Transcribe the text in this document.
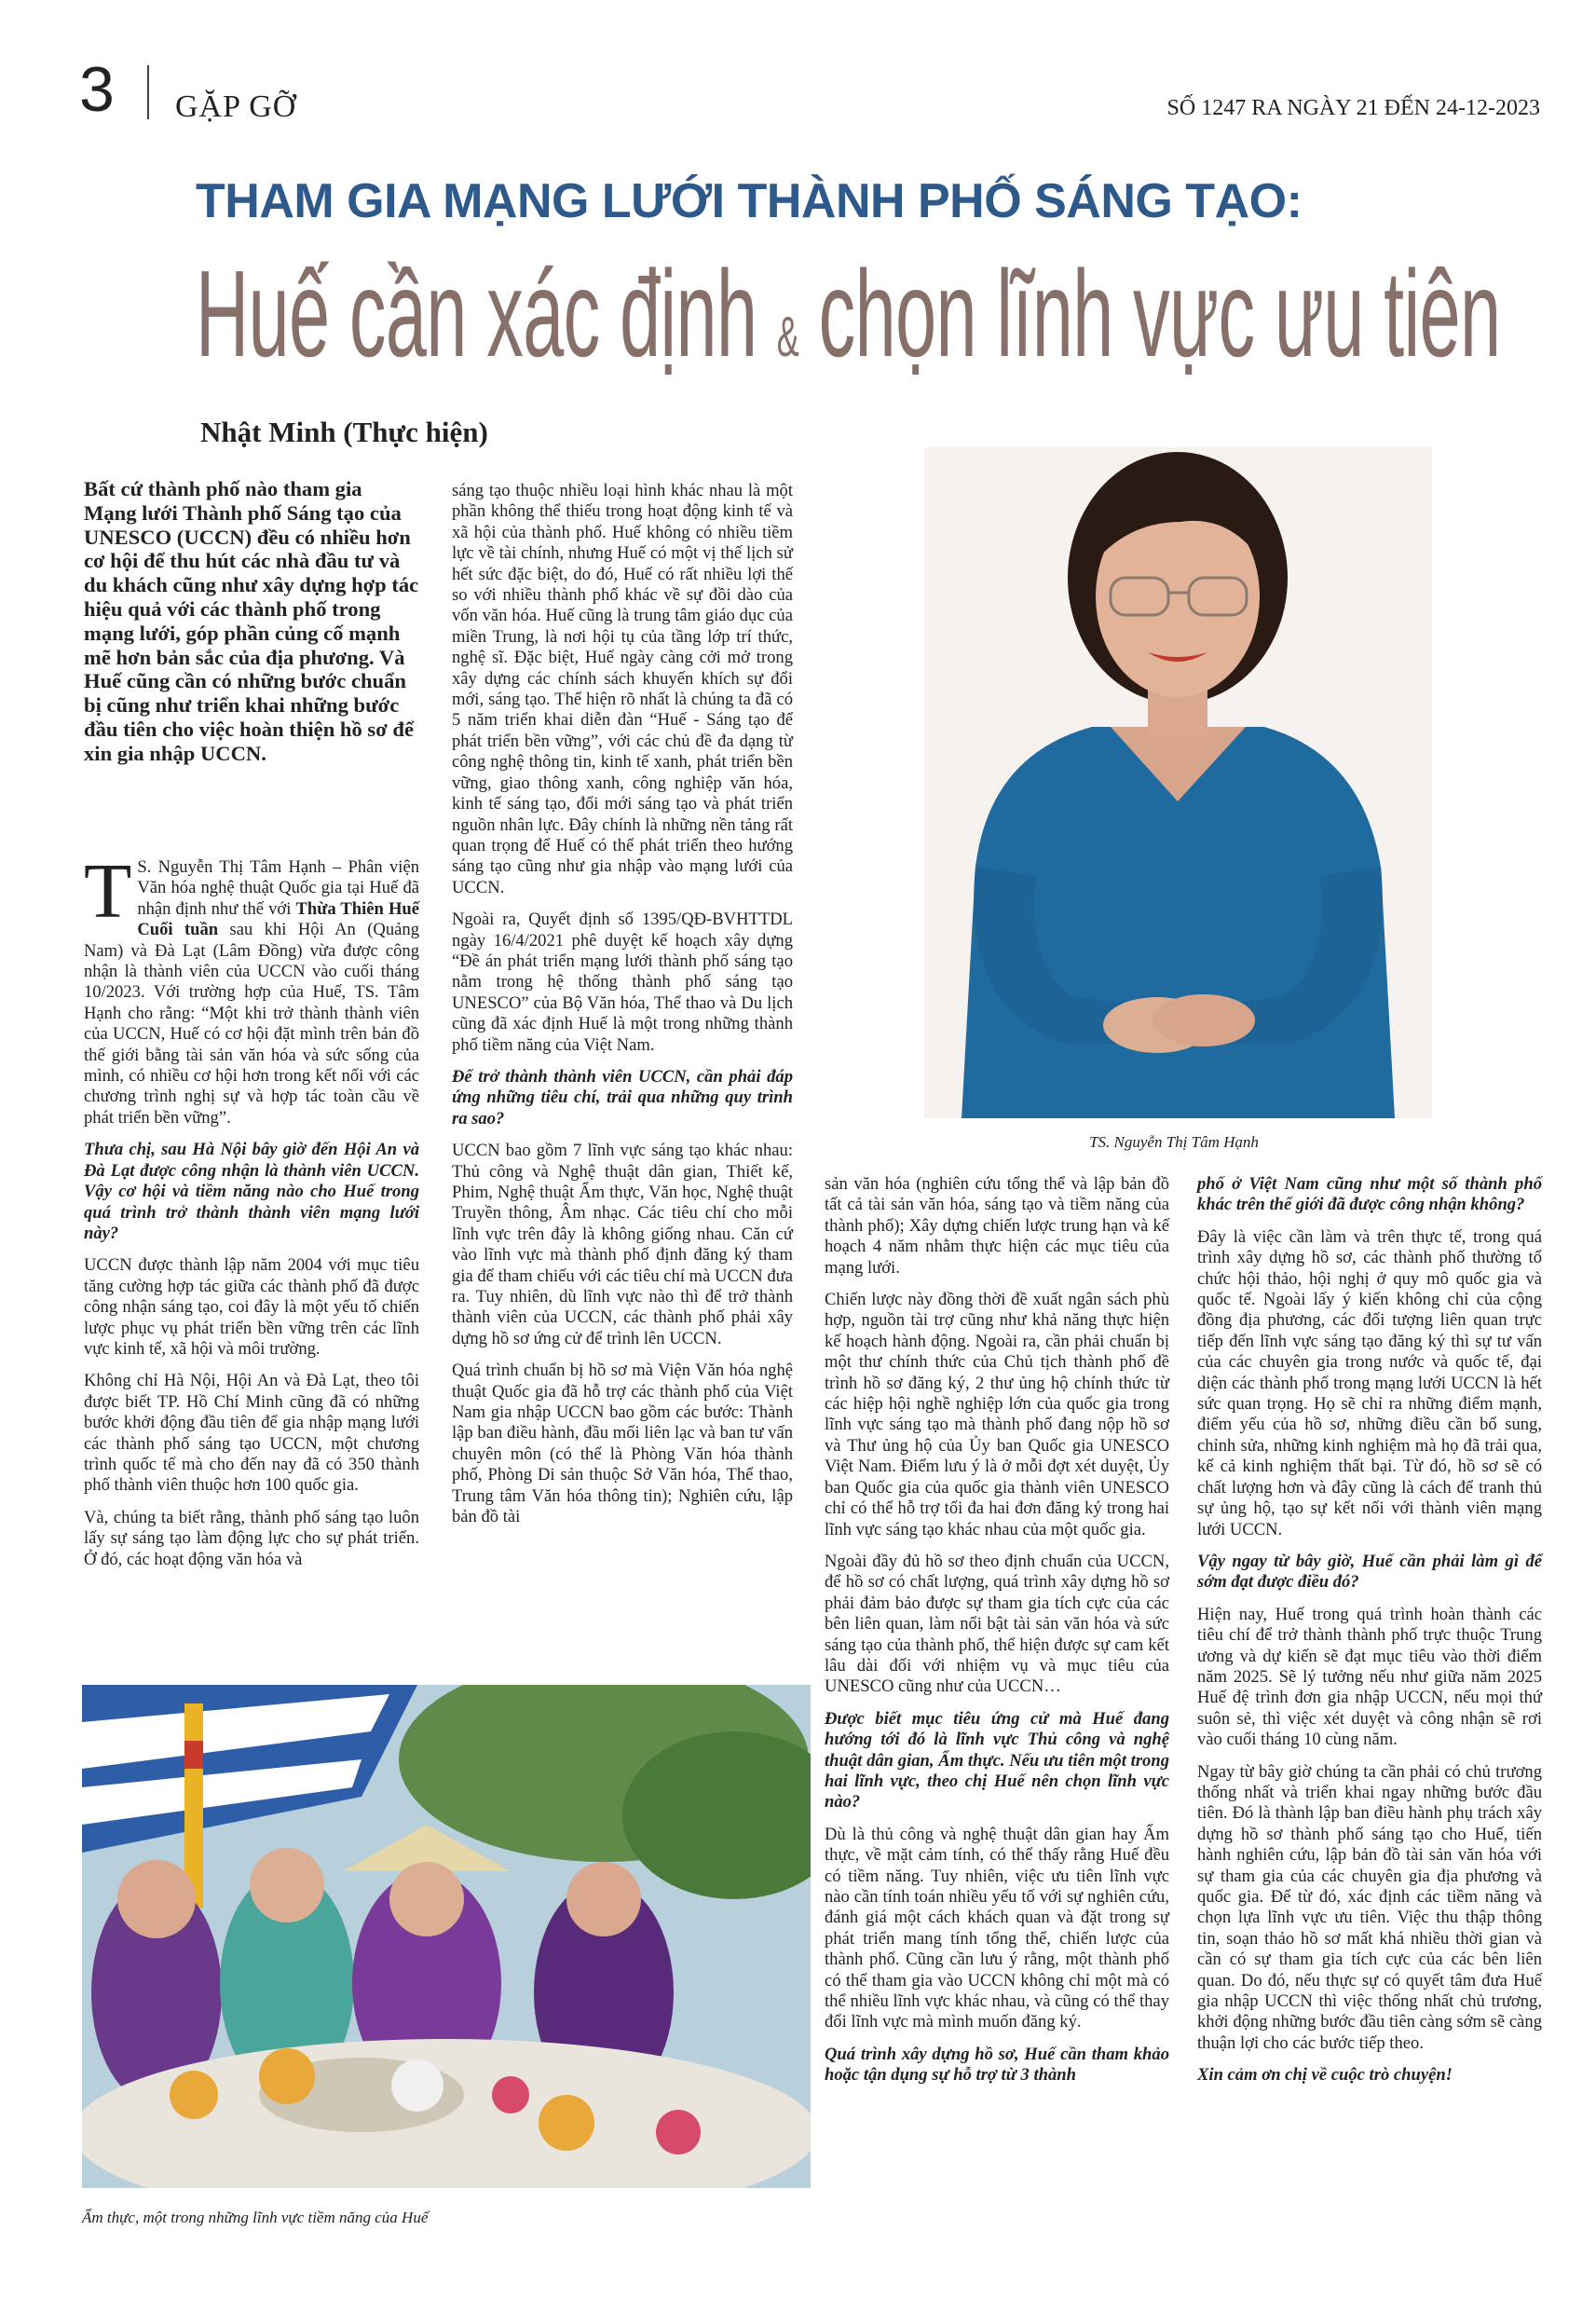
3 GẶP GỠ	SỐ 1247 RA NGÀY 21 ĐẾN 24-12-2023
THAM GIA MẠNG LƯỚI THÀNH PHỐ SÁNG TẠO:
Huế cần xác định & chọn lĩnh vực ưu tiên
Nhật Minh (Thực hiện)
Bất cứ thành phố nào tham gia Mạng lưới Thành phố Sáng tạo của UNESCO (UCCN) đều có nhiều hơn cơ hội để thu hút các nhà đầu tư và du khách cũng như xây dựng hợp tác hiệu quả với các thành phố trong mạng lưới, góp phần củng cố mạnh mẽ hơn bản sắc của địa phương. Và Huế cũng cần có những bước chuẩn bị cũng như triển khai những bước đầu tiên cho việc hoàn thiện hồ sơ để xin gia nhập UCCN.

T S. Nguyễn Thị Tâm Hạnh – Phân viện Văn hóa nghệ thuật Quốc gia tại Huế đã nhận định như thế với Thừa Thiên Huế Cuối tuần sau khi Hội An (Quảng Nam) và Đà Lạt (Lâm Đồng) vừa được công nhận là thành viên của UCCN vào cuối tháng 10/2023. Với trường hợp của Huế, TS. Tâm Hạnh cho rằng: “Một khi trở thành thành viên của UCCN, Huế có cơ hội đặt mình trên bản đồ thế giới bằng tài sản văn hóa và sức sống của mình, có nhiều cơ hội hơn trong kết nối với các chương trình nghị sự và hợp tác toàn cầu về phát triển bền vững”.

Thưa chị, sau Hà Nội bây giờ đến Hội An và Đà Lạt được công nhận là thành viên UCCN. Vậy cơ hội và tiềm năng nào cho Huế trong quá trình trở thành thành viên mạng lưới này?

UCCN được thành lập năm 2004 với mục tiêu tăng cường hợp tác giữa các thành phố đã được công nhận sáng tạo, coi đây là một yếu tố chiến lược phục vụ phát triển bền vững trên các lĩnh vực kinh tế, xã hội và môi trường.

Không chỉ Hà Nội, Hội An và Đà Lạt, theo tôi được biết TP. Hồ Chí Minh cũng đã có những bước khởi động đầu tiên để gia nhập mạng lưới các thành phố sáng tạo UCCN, một chương trình quốc tế mà cho đến nay đã có 350 thành phố thành viên thuộc hơn 100 quốc gia.

Và, chúng ta biết rằng, thành phố sáng tạo luôn lấy sự sáng tạo làm động lực cho sự phát triển. Ở đó, các hoạt động văn hóa và

sáng tạo thuộc nhiều loại hình khác nhau là một phần không thể thiếu trong hoạt động kinh tế và xã hội của thành phố. Huế không có nhiều tiềm lực về tài chính, nhưng Huế có một vị thế lịch sử hết sức đặc biệt, do đó, Huế có rất nhiều lợi thế so với nhiều thành phố khác về sự đồi dào của vốn văn hóa. Huế cũng là trung tâm giáo dục của miền Trung, là nơi hội tụ của tầng lớp trí thức, nghệ sĩ. Đặc biệt, Huế ngày càng cởi mở trong xây dựng các chính sách khuyến khích sự đổi mới, sáng tạo. Thể hiện rõ nhất là chúng ta đã có 5 năm triển khai diễn đàn “Huế - Sáng tạo để phát triển bền vững”, với các chủ đề đa dạng từ công nghệ thông tin, kinh tế xanh, phát triển bền vững, giao thông xanh, công nghiệp văn hóa, kinh tế sáng tạo, đổi mới sáng tạo và phát triển nguồn nhân lực. Đây chính là những nền tảng rất quan trọng để Huế có thể phát triển theo hướng sáng tạo cũng như gia nhập vào mạng lưới của UCCN.

Ngoài ra, Quyết định số 1395/QĐ-BVHTTDL ngày 16/4/2021 phê duyệt kế hoạch xây dựng “Đề án phát triển mạng lưới thành phố sáng tạo nằm trong hệ thống thành phố sáng tạo UNESCO” của Bộ Văn hóa, Thể thao và Du lịch cũng đã xác định Huế là một trong những thành phố tiềm năng của Việt Nam.

Để trở thành thành viên UCCN, cần phải đáp ứng những tiêu chí, trải qua những quy trình ra sao?

UCCN bao gồm 7 lĩnh vực sáng tạo khác nhau: Thủ công và Nghệ thuật dân gian, Thiết kế, Phim, Nghệ thuật Ẩm thực, Văn học, Nghệ thuật Truyền thông, Âm nhạc. Các tiêu chí cho mỗi lĩnh vực trên đây là không giống nhau. Căn cứ vào lĩnh vực mà thành phố định đăng ký tham gia để tham chiếu với các tiêu chí mà UCCN đưa ra. Tuy nhiên, dù lĩnh vực nào thì để trở thành thành viên của UCCN, các thành phố phải xây dựng hồ sơ ứng cử để trình lên UCCN.

Quá trình chuẩn bị hồ sơ mà Viện Văn hóa nghệ thuật Quốc gia đã hỗ trợ các thành phố của Việt Nam gia nhập UCCN bao gồm các bước: Thành lập ban điều hành, đầu mối liên lạc và ban tư vấn chuyên môn (có thể là Phòng Văn hóa thành phố, Phòng Di sản thuộc Sở Văn hóa, Thể thao, Trung tâm Văn hóa thông tin); Nghiên cứu, lập bản đồ tài

TS. Nguyễn Thị Tâm Hạnh

sản văn hóa (nghiên cứu tổng thể và lập bản đồ tất cả tài sản văn hóa, sáng tạo và tiềm năng của thành phố); Xây dựng chiến lược trung hạn và kế hoạch 4 năm nhằm thực hiện các mục tiêu của mạng lưới.

Chiến lược này đồng thời đề xuất ngân sách phù hợp, nguồn tài trợ cũng như khả năng thực hiện kế hoạch hành động. Ngoài ra, cần phải chuẩn bị một thư chính thức của Chủ tịch thành phố đề trình hồ sơ đăng ký, 2 thư ủng hộ chính thức từ các hiệp hội nghề nghiệp lớn của quốc gia trong lĩnh vực sáng tạo mà thành phố đang nộp hồ sơ và Thư ủng hộ của Ủy ban Quốc gia UNESCO Việt Nam. Điểm lưu ý là ở mỗi đợt xét duyệt, Ủy ban Quốc gia của quốc gia thành viên UNESCO chỉ có thể hỗ trợ tối đa hai đơn đăng ký trong hai lĩnh vực sáng tạo khác nhau của một quốc gia.

Ngoài đầy đủ hồ sơ theo định chuẩn của UCCN, để hồ sơ có chất lượng, quá trình xây dựng hồ sơ phải đảm bảo được sự tham gia tích cực của các bên liên quan, làm nổi bật tài sản văn hóa và sức sáng tạo của thành phố, thể hiện được sự cam kết lâu dài đối với nhiệm vụ và mục tiêu của UNESCO cũng như của UCCN…

Được biết mục tiêu ứng cử mà Huế đang hướng tới đó là lĩnh vực Thủ công và nghệ thuật dân gian, Ẩm thực. Nếu ưu tiên một trong hai lĩnh vực, theo chị Huế nên chọn lĩnh vực nào?

Dù là thủ công và nghệ thuật dân gian hay Ẩm thực, về mặt cảm tính, có thể thấy rằng Huế đều có tiềm năng. Tuy nhiên, việc ưu tiên lĩnh vực nào cần tính toán nhiều yếu tố với sự nghiên cứu, đánh giá một cách khách quan và đặt trong sự phát triển mang tính tổng thể, chiến lược của thành phố. Cũng cần lưu ý rằng, một thành phố có thể tham gia vào UCCN không chỉ một mà có thể nhiều lĩnh vực khác nhau, và cũng có thể thay đổi lĩnh vực mà mình muốn đăng ký.

Quá trình xây dựng hồ sơ, Huế cần tham khảo hoặc tận dụng sự hỗ trợ từ 3 thành

phố ở Việt Nam cũng như một số thành phố khác trên thế giới đã được công nhận không?

Đây là việc cần làm và trên thực tế, trong quá trình xây dựng hồ sơ, các thành phố thường tổ chức hội thảo, hội nghị ở quy mô quốc gia và quốc tế. Ngoài lấy ý kiến không chỉ của cộng đồng địa phương, các đối tượng liên quan trực tiếp đến lĩnh vực sáng tạo đăng ký thì sự tư vấn của các chuyên gia trong nước và quốc tế, đại diện các thành phố trong mạng lưới UCCN là hết sức quan trọng. Họ sẽ chỉ ra những điểm mạnh, điểm yếu của hồ sơ, những điều cần bổ sung, chỉnh sửa, những kinh nghiệm mà họ đã trải qua, kể cả kinh nghiệm thất bại. Từ đó, hồ sơ sẽ có chất lượng hơn và đây cũng là cách để tranh thủ sự ủng hộ, tạo sự kết nối với thành viên mạng lưới UCCN.

Vậy ngay từ bây giờ, Huế cần phải làm gì để sớm đạt được điều đó?

Hiện nay, Huế trong quá trình hoàn thành các tiêu chí để trở thành thành phố trực thuộc Trung ương và dự kiến sẽ đạt mục tiêu vào thời điểm năm 2025. Sẽ lý tưởng nếu như giữa năm 2025 Huế đệ trình đơn gia nhập UCCN, nếu mọi thứ suôn sẻ, thì việc xét duyệt và công nhận sẽ rơi vào cuối tháng 10 cùng năm.

Ngay từ bây giờ chúng ta cần phải có chủ trương thống nhất và triển khai ngay những bước đầu tiên. Đó là thành lập ban điều hành phụ trách xây dựng hồ sơ thành phố sáng tạo cho Huế, tiến hành nghiên cứu, lập bản đồ tài sản văn hóa với sự tham gia của các chuyên gia địa phương và quốc gia. Để từ đó, xác định các tiềm năng và chọn lựa lĩnh vực ưu tiên. Việc thu thập thông tin, soạn thảo hồ sơ mất khá nhiều thời gian và cần có sự tham gia tích cực của các bên liên quan. Do đó, nếu thực sự có quyết tâm đưa Huế gia nhập UCCN thì việc thống nhất chủ trương, khởi động những bước đầu tiên càng sớm sẽ càng thuận lợi cho các bước tiếp theo.

Xin cảm ơn chị về cuộc trò chuyện!

Ẩm thực, một trong những lĩnh vực tiềm năng của Huế
